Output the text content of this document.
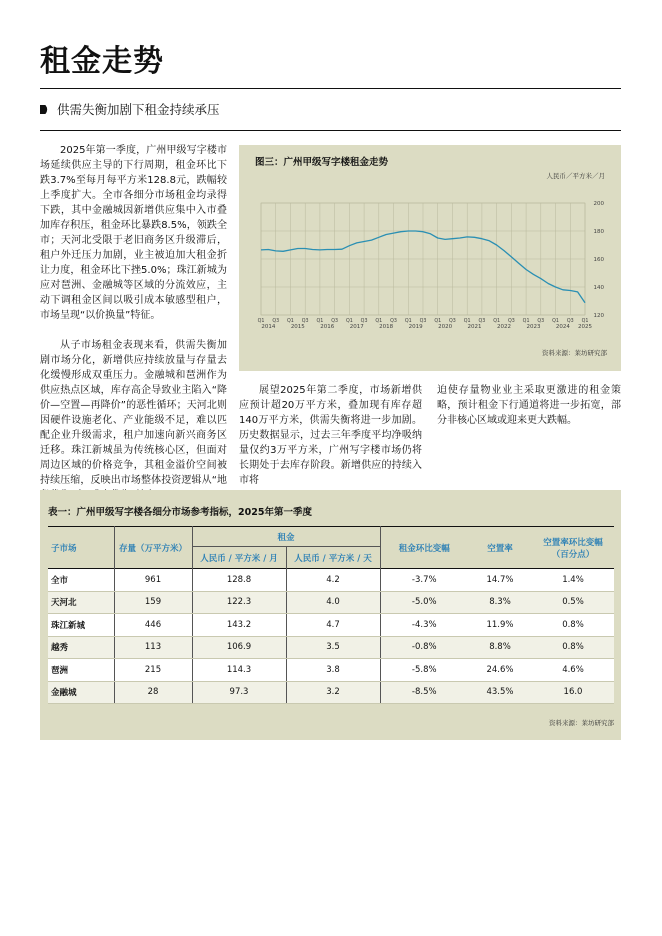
租金走势
供需失衡加剧下租金持续承压

2025年第一季度，广州甲级写字楼市场延续供应主导的下行周期，租金环比下跌3.7%至每月每平方米128.8元，跌幅较上季度扩大。全市各细分市场租金均录得下跌，其中金融城因新增供应集中入市叠加库存积压，租金环比暴跌8.5%，领跌全市；天河北受限于老旧商务区升级滞后，租户外迁压力加剧，业主被迫加大租金折让力度，租金环比下挫5.0%；珠江新城为应对琶洲、金融城等区域的分流效应，主动下调租金区间以吸引成本敏感型租户，市场呈现“以价换量”特征。

从子市场租金表现来看，供需失衡加剧市场分化，新增供应持续放量与存量去化缓慢形成双重压力。金融城和琶洲作为供应热点区域，库存高企导致业主陷入“降价—空置—再降价”的恶性循环；天河北则因硬件设施老化、产业能级不足，难以匹配企业升级需求，租户加速向新兴商务区迁移。珠江新城虽为传统核心区，但面对周边区域的价格竞争，其租金溢价空间被持续压缩，反映出市场整体投资逻辑从“地

图三：广州甲级写字楼租金走势
人民币／平方米／月
120
140
160
180
200
Q1 Q3 Q1 Q3 Q1 Q3 Q1 Q3 Q1 Q3 Q1 Q3 Q1 Q3 Q1 Q3 Q1 Q3 Q1 Q3 Q1 Q3 Q1
2014	2015	2016	2017	2018	2019	2020	2021	2022	2023	2024 2025
资料来源：莱坊研究部

展望2025年第二季度，市场新增供应预计超20万平方米，叠加现有库存超140万平方米，供需失衡将进一步加剧。历史数据显示，过去三年季度平均净吸纳量仅约3万平方米，广州写字楼市场仍将长期处于去库存阶段。新增供应的持续入市将

迫使存量物业业主采取更激进的租金策略，预计租金下行通道将进一步拓宽，部分非核心区域或迎来更大跌幅。

表一：广州甲级写字楼各细分市场参考指标，2025年第一季度
子市场	存量（万平方米）	租金		租金环比变幅	空置率	空置率环比变幅（百分点）
		人民币 / 平方米 / 月	人民币 / 平方米 / 天			
全市	961	128.8	4.2	-3.7%	14.7%	1.4%
天河北	159	122.3	4.0	-5.0%	8.3%	0.5%
珠江新城	446	143.2	4.7	-4.3%	11.9%	0.8%
越秀	113	106.9	3.5	-0.8%	8.8%	0.8%
琶洲	215	114.3	3.8	-5.8%	24.6%	4.6%
金融城	28	97.3	3.2	-8.5%	43.5%	16.0
资料来源：莱坊研究部
